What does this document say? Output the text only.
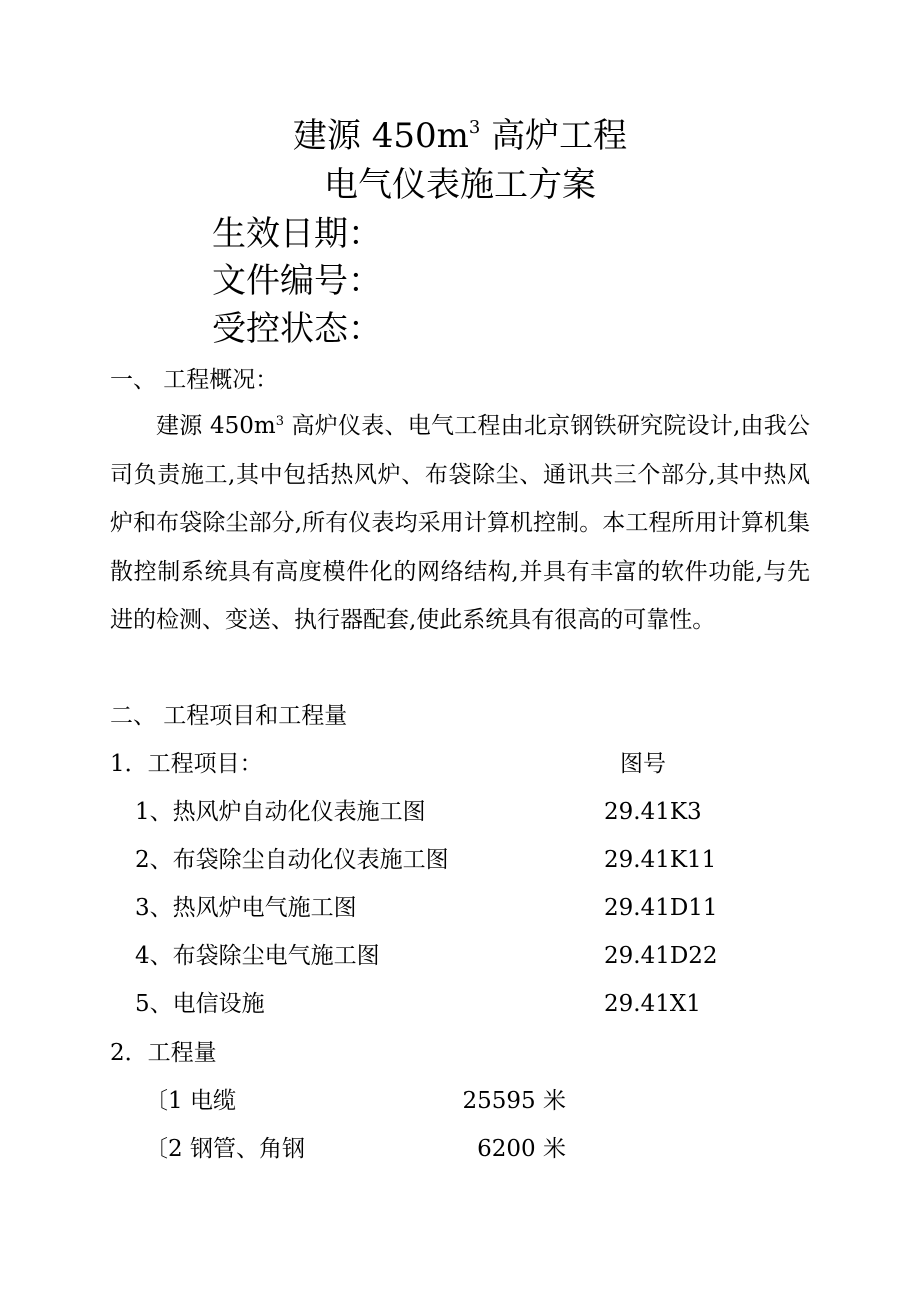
建源 $450m^3$ 高炉工程
电气仪表施工方案
生效日期：
文件编号：
受控状态：
一、 工程概况：

建源 $450m^3$ 高炉仪表、电气工程由北京钢铁研究院设计,由我公司负责施工,其中包括热风炉、布袋除尘、通讯共三个部分,其中热风炉和布袋除尘部分,所有仪表均采用计算机控制。本工程所用计算机集散控制系统具有高度模件化的网络结构,并具有丰富的软件功能,与先进的检测、变送、执行器配套,使此系统具有很高的可靠性。

二、 工程项目和工程量
1．工程项目：	图号
1、热风炉自动化仪表施工图	29.41K3
2、布袋除尘自动化仪表施工图	29.41K11
3、热风炉电气施工图	29.41D11
4、布袋除尘电气施工图	29.41D22
5、电信设施	29.41X1
2．工程量
〔1 电缆	25595 米
〔2 钢管、角钢	6200 米
